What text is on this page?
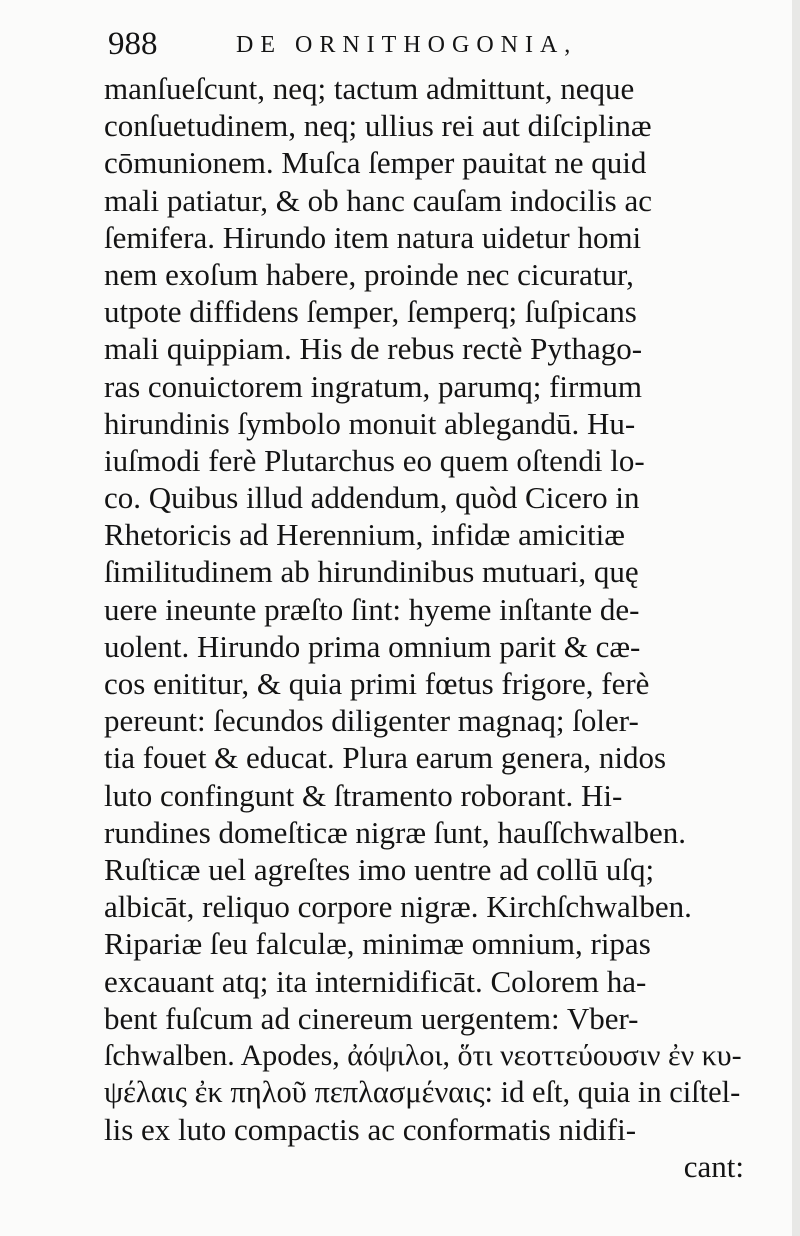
988	DE ORNITHOGONIA,
manſueſcunt, neq; tactum admittunt, neque
conſuetudinem, neq; ullius rei aut diſciplinæ
cōmunionem. Muſca ſemper pauitat ne quid
mali patiatur, & ob hanc cauſam indocilis ac
ſemifera. Hirundo item natura uidetur homi
nem exoſum habere, proinde nec cicuratur,
utpote diffidens ſemper, ſemperq; ſuſpicans
mali quippiam. His de rebus rectè Pythago-
ras conuictorem ingratum, parumq; firmum
hirundinis ſymbolo monuit ablegandū. Hu-
iuſmodi ferè Plutarchus eo quem oſtendi lo-
co. Quibus illud addendum, quòd Cicero in
Rhetoricis ad Herennium, infidæ amicitiæ
ſimilitudinem ab hirundinibus mutuari, quę
uere ineunte præſto ſint: hyeme inſtante de-
uolent. Hirundo prima omnium parit & cæ-
cos enititur, & quia primi fœtus frigore, ferè
pereunt: ſecundos diligenter magnaq; ſoler-
tia fouet & educat. Plura earum genera, nidos
luto confingunt & ſtramento roborant. Hi-
rundines domeſticæ nigræ ſunt, hauſſchwalben.
Ruſticæ uel agreſtes imo uentre ad collū uſq;
albicāt, reliquo corpore nigræ. Kirchſchwalben.
Ripariæ ſeu falculæ, minimæ omnium, ripas
excauant atq; ita internidificāt. Colorem ha-
bent fuſcum ad cinereum uergentem: Vber-
ſchwalben. Apodes, ἀόψιλοι, ὅτι νεοττεύουσιν ἐν κυ-
ψέλαις ἐκ πηλοῦ πεπλασμέναις: id eſt, quia in ciſtel-
lis ex luto compactis ac conformatis nidifi-
cant:
